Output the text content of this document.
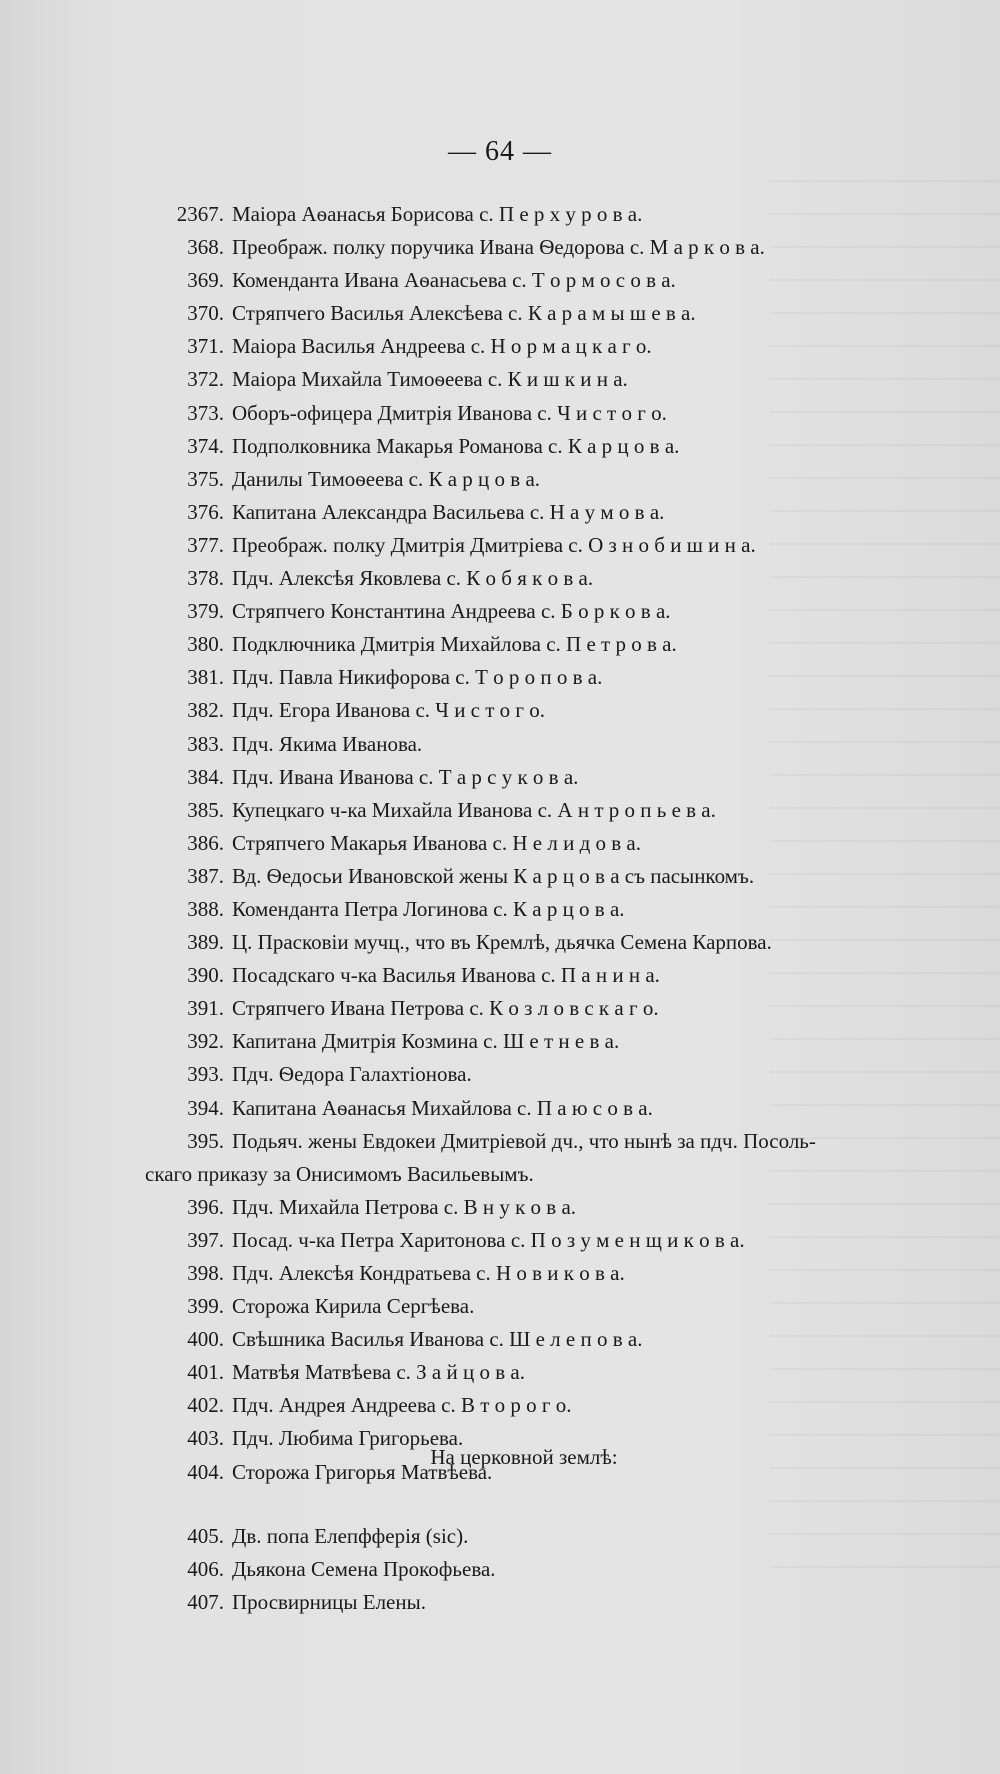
— 64 —
2367. Маіора Аѳанасья Борисова с. П е р х у р о в а.
368. Преображ. полку поручика Ивана Ѳедорова с. М а р к о в а.
369. Коменданта Ивана Аѳанасьева с. Т о р м о с о в а.
370. Стряпчего Василья Алексѣева с. К а р а м ы ш е в а.
371. Маіора Василья Андреева с. Н о р м а ц к а г о.
372. Маіора Михайла Тимоѳеева с. К и ш к и н а.
373. Оборъ-офицера Дмитрія Иванова с. Ч и с т о г о.
374. Подполковника Макарья Романова с. К а р ц о в а.
375. Данилы Тимоѳеева с. К а р ц о в а.
376. Капитана Александра Васильева с. Н а у м о в а.
377. Преображ. полку Дмитрія Дмитріева с. О з н о б и ш и н а.
378. Пдч. Алексѣя Яковлева с. К о б я к о в а.
379. Стряпчего Константина Андреева с. Б о р к о в а.
380. Подключника Дмитрія Михайлова с. П е т р о в а.
381. Пдч. Павла Никифорова с. Т о р о п о в а.
382. Пдч. Егора Иванова с. Ч и с т о г о.
383. Пдч. Якима Иванова.
384. Пдч. Ивана Иванова с. Т а р с у к о в а.
385. Купецкаго ч-ка Михайла Иванова с. А н т р о п ь е в а.
386. Стряпчего Макарья Иванова с. Н е л и д о в а.
387. Вд. Ѳедосьи Ивановской жены К а р ц о в а съ пасынкомъ.
388. Коменданта Петра Логинова с. К а р ц о в а.
389. Ц. Прасковіи мучц., что въ Кремлѣ, дьячка Семена Карпова.
390. Посадскаго ч-ка Василья Иванова с. П а н и н а.
391. Стряпчего Ивана Петрова с. К о з л о в с к а г о.
392. Капитана Дмитрія Козмина с. Ш е т н е в а.
393. Пдч. Ѳедора Галахтіонова.
394. Капитана Аѳанасья Михайлова с. П а ю с о в а.
395. Подьяч. жены Евдокеи Дмитріевой дч., что нынѣ за пдч. Посоль-
скаго приказу за Онисимомъ Васильевымъ.
396. Пдч. Михайла Петрова с. В н у к о в а.
397. Посад. ч-ка Петра Харитонова с. П о з у м е н щ и к о в а.
398. Пдч. Алексѣя Кондратьева с. Н о в и к о в а.
399. Сторожа Кирила Сергѣева.
400. Свѣшника Василья Иванова с. Ш е л е п о в а.
401. Матвѣя Матвѣева с. З а й ц о в а.
402. Пдч. Андрея Андреева с. В т о р о г о.
403. Пдч. Любима Григорьева.
404. Сторожа Григорья Матвѣева.
На церковной землѣ:
405. Дв. попа Елепфферія (sic).
406. Дьякона Семена Прокофьева.
407. Просвирницы Елены.
